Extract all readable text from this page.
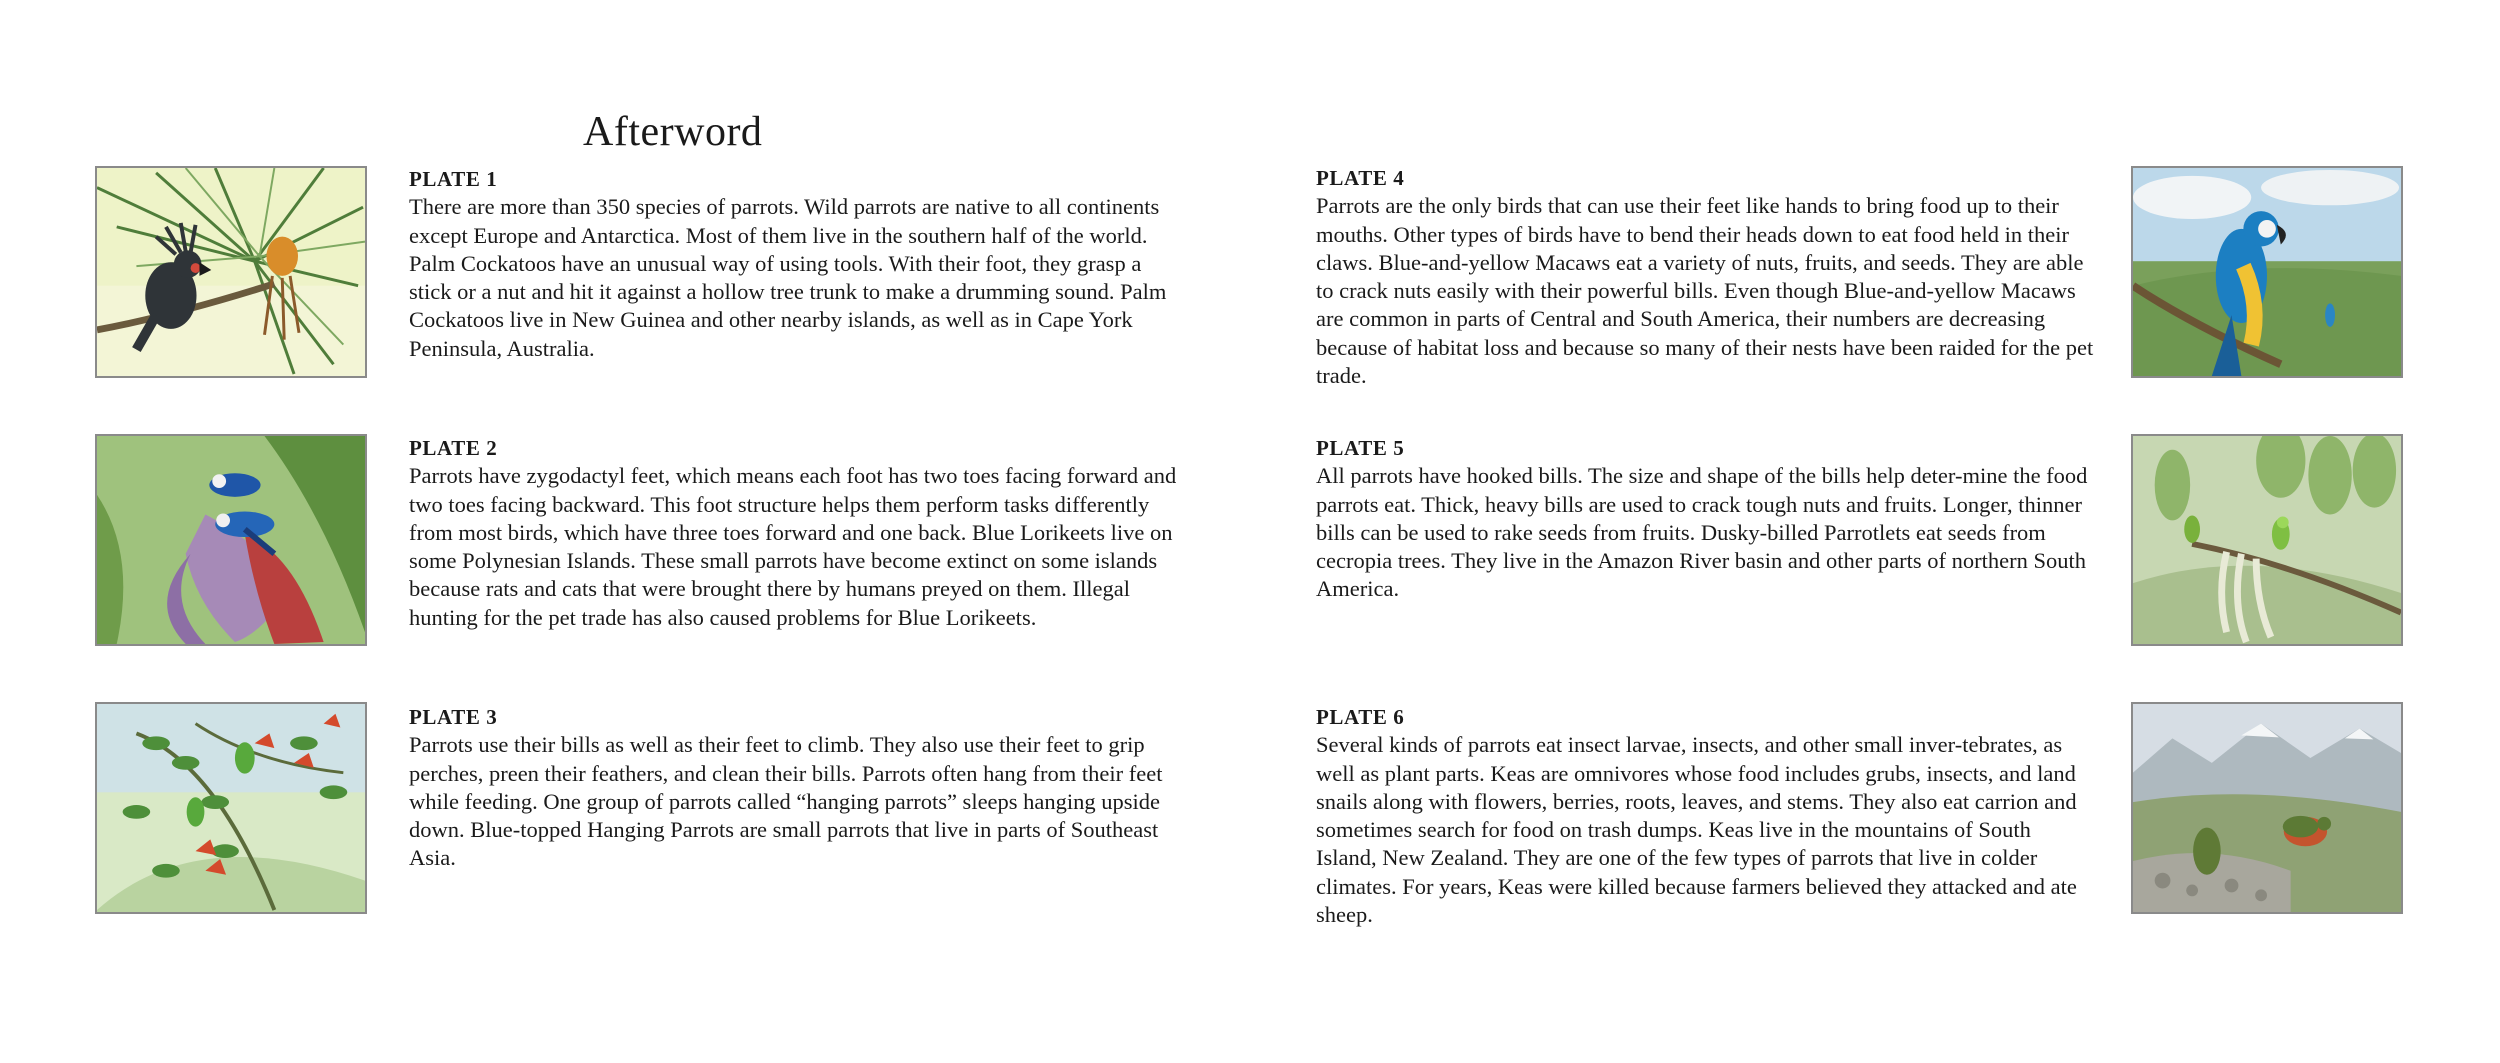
Afterword
PLATE 1
There are more than 350 species of parrots. Wild parrots are native to all continents except Europe and Antarctica. Most of them live in the southern half of the world. Palm Cockatoos have an unusual way of using tools. With their foot, they grasp a stick or a nut and hit it against a hollow tree trunk to make a drumming sound. Palm Cockatoos live in New Guinea and other nearby islands, as well as in Cape York Peninsula, Australia.
PLATE 2
Parrots have zygodactyl feet, which means each foot has two toes facing forward and two toes facing backward. This foot structure helps them perform tasks differently from most birds, which have three toes forward and one back. Blue Lorikeets live on some Polynesian Islands. These small parrots have become extinct on some islands because rats and cats that were brought there by humans preyed on them. Illegal hunting for the pet trade has also caused problems for Blue Lorikeets.
PLATE 3
Parrots use their bills as well as their feet to climb. They also use their feet to grip perches, preen their feathers, and clean their bills. Parrots often hang from their feet while feeding. One group of parrots called “hanging parrots” sleeps hanging upside down. Blue-topped Hanging Parrots are small parrots that live in parts of Southeast Asia.
PLATE 4
Parrots are the only birds that can use their feet like hands to bring food up to their mouths. Other types of birds have to bend their heads down to eat food held in their claws. Blue-and-yellow Macaws eat a variety of nuts, fruits, and seeds. They are able to crack nuts easily with their powerful bills. Even though Blue-and-yellow Macaws are common in parts of Central and South America, their numbers are decreasing because of habitat loss and because so many of their nests have been raided for the pet trade.
PLATE 5
All parrots have hooked bills. The size and shape of the bills help deter-mine the food parrots eat. Thick, heavy bills are used to crack tough nuts and fruits. Longer, thinner bills can be used to rake seeds from fruits. Dusky-billed Parrotlets eat seeds from cecropia trees. They live in the Amazon River basin and other parts of northern South America.
PLATE 6
Several kinds of parrots eat insect larvae, insects, and other small inver-tebrates, as well as plant parts. Keas are omnivores whose food includes grubs, insects, and land snails along with flowers, berries, roots, leaves, and stems. They also eat carrion and sometimes search for food on trash dumps. Keas live in the mountains of South Island, New Zealand. They are one of the few types of parrots that live in colder climates. For years, Keas were killed because farmers believed they attacked and ate sheep.
